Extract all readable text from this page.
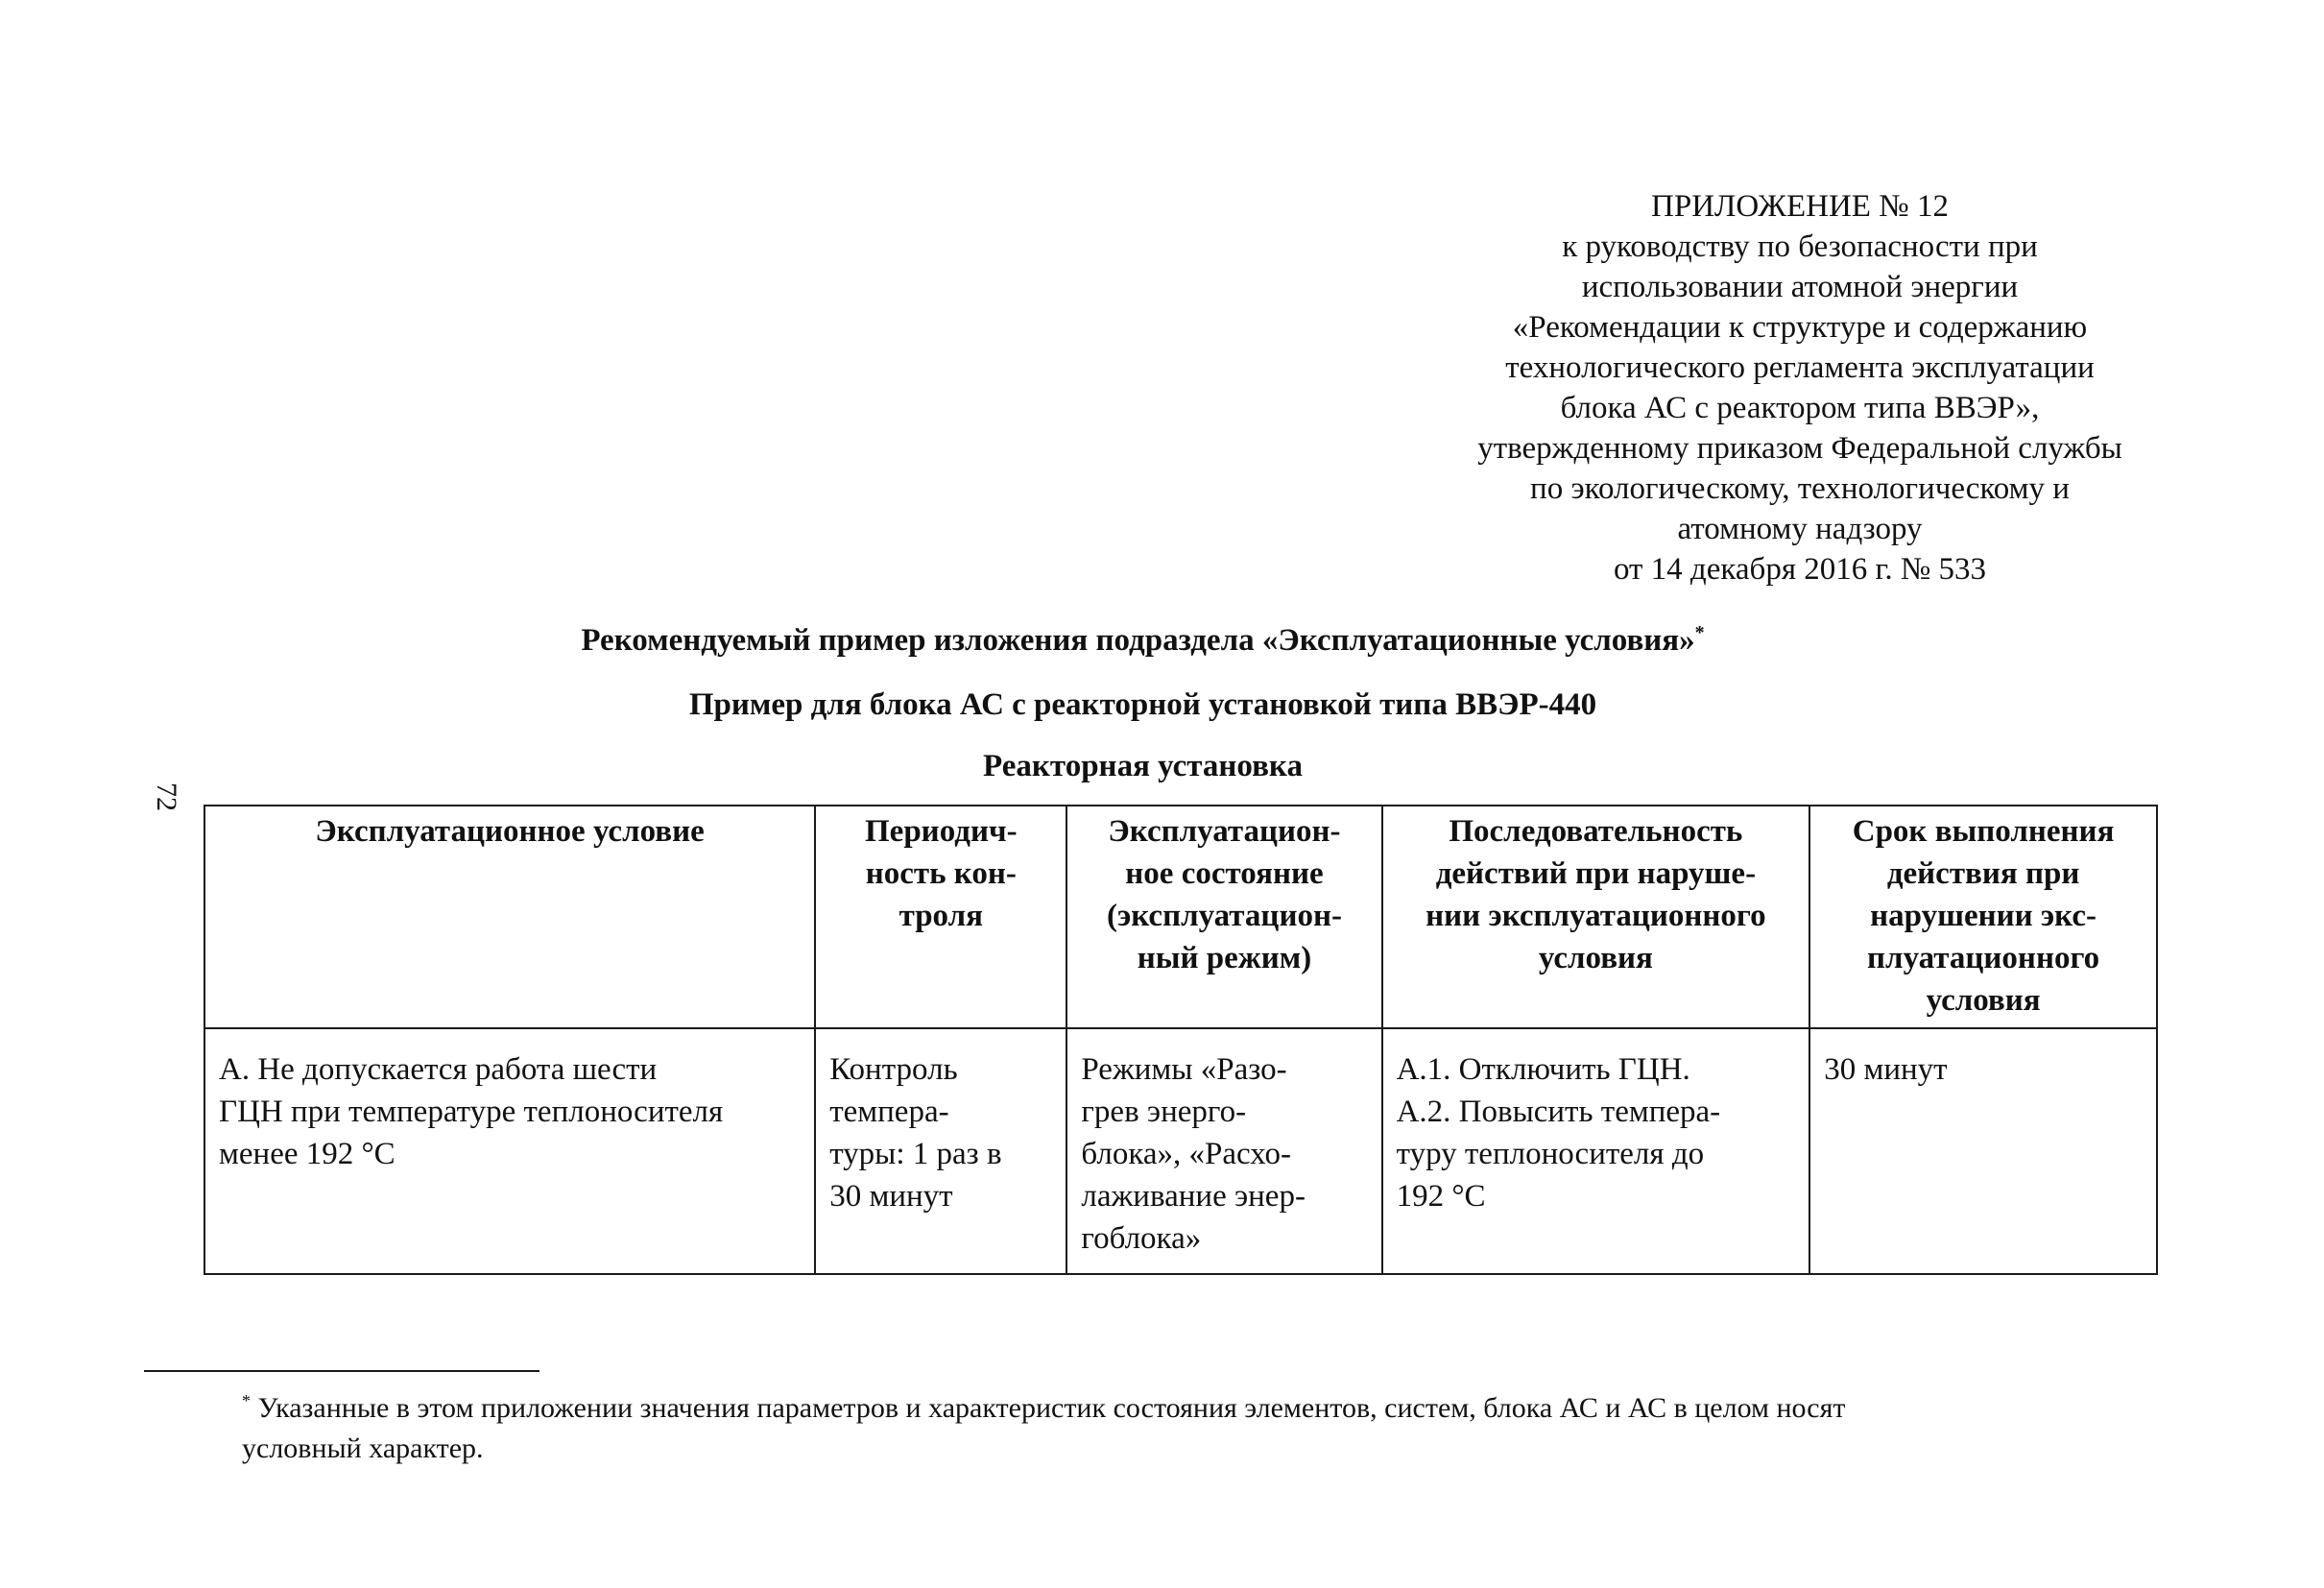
72
ПРИЛОЖЕНИЕ № 12
к руководству по безопасности при
использовании атомной энергии
«Рекомендации к структуре и содержанию
технологического регламента эксплуатации
блока АС с реактором типа ВВЭР»,
утвержденному приказом Федеральной службы
по экологическому, технологическому и
атомному надзору
от 14 декабря 2016 г. № 533
Рекомендуемый пример изложения подраздела «Эксплуатационные условия»*
Пример для блока АС с реакторной установкой типа ВВЭР-440
Реакторная установка
Эксплуатационное условие	Периодич-
ность кон-
троля	Эксплуатацион-
ное состояние
(эксплуатацион-
ный режим)	Последовательность
действий при наруше-
нии эксплуатационного
условия	Срок выполнения
действия при
нарушении экс-
плуатационного
условия

А. Не допускается работа шести
ГЦН при температуре теплоносителя
менее 192 °С	Контроль
темпера-
туры: 1 раз в
30 минут	Режимы «Разо-
грев энерго-
блока», «Расхо-
лаживание энер-
гоблока»	А.1. Отключить ГЦН.
А.2. Повысить темпера-
туру теплоносителя до
192 °С	30 минут
* Указанные в этом приложении значения параметров и характеристик состояния элементов, систем, блока АС и АС в целом носят
условный характер.
